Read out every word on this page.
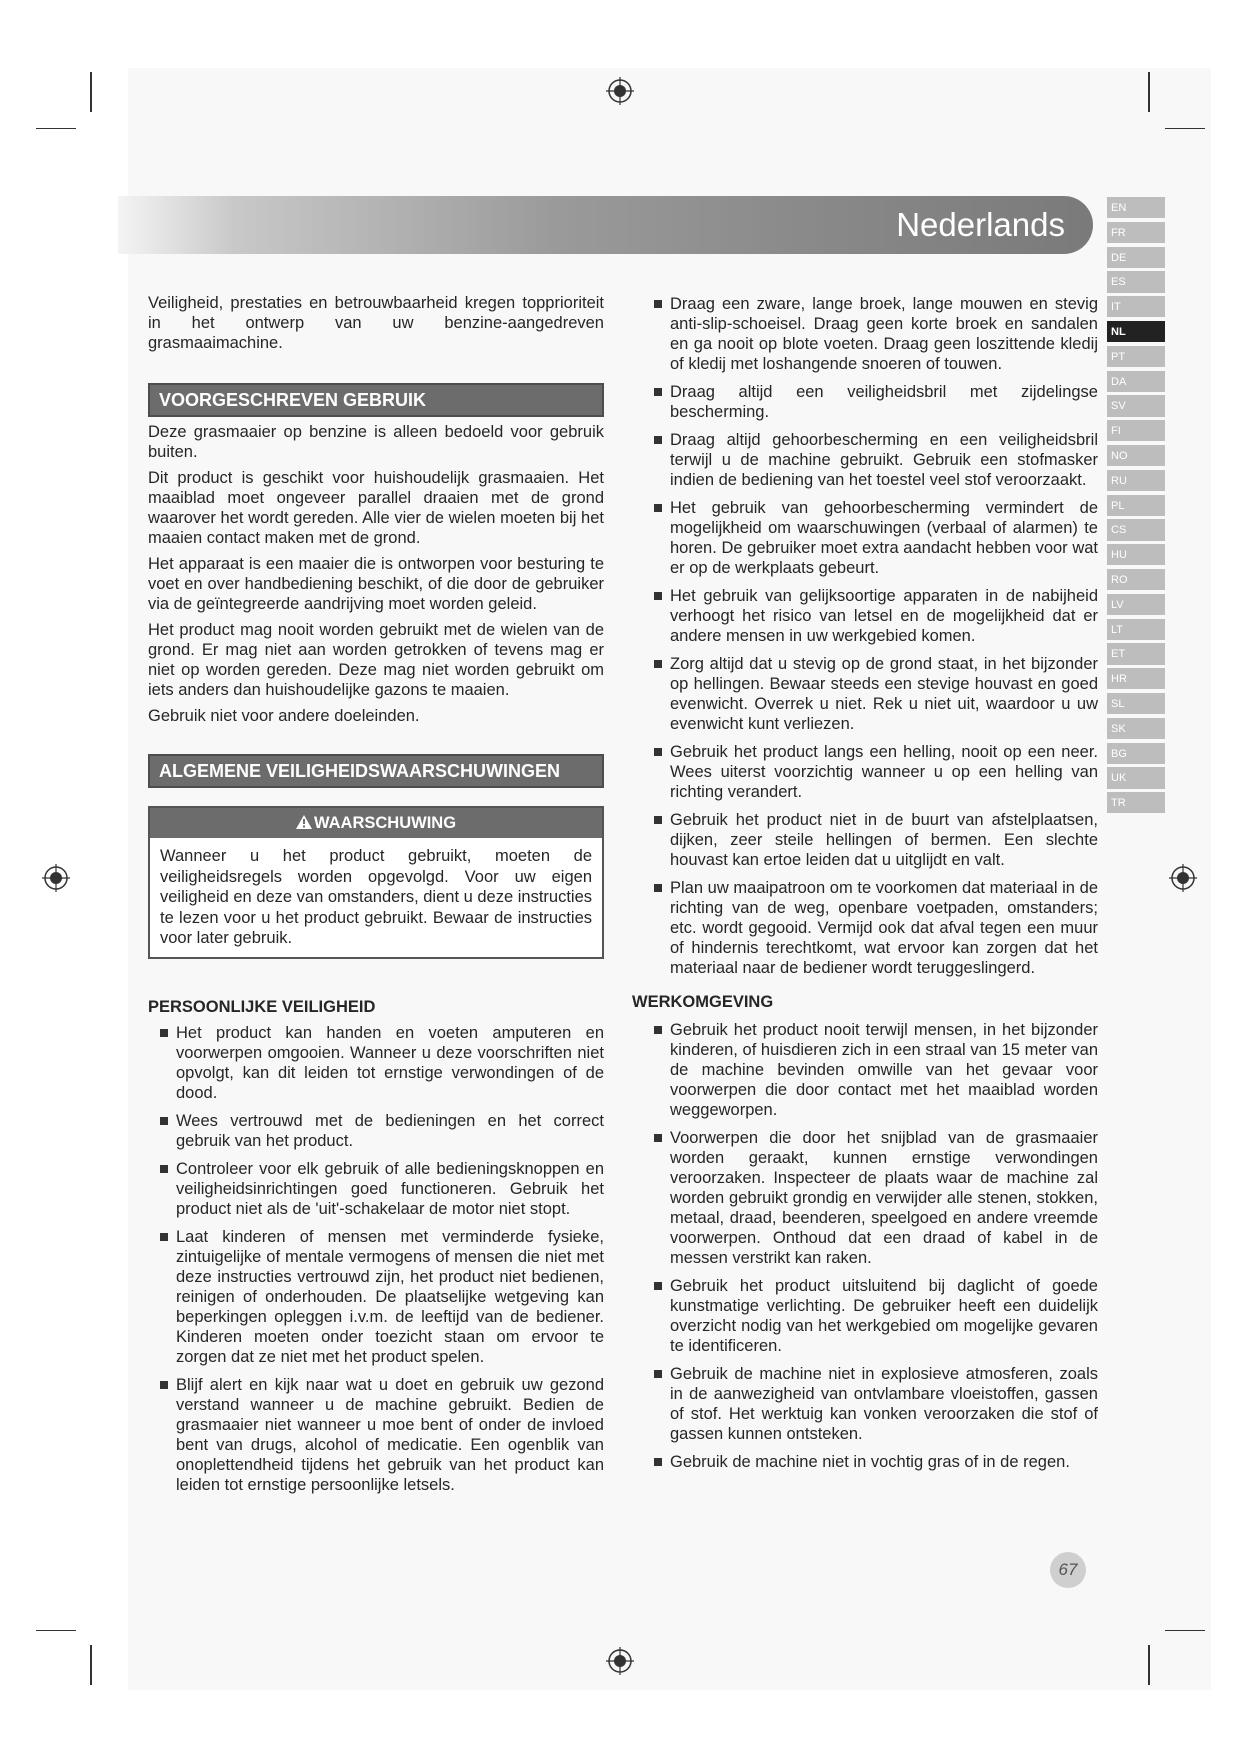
Nederlands	EN
FR
DE
ES
IT
NL
PT
DA
SV
FI
NO
RU
PL
CS
HU
RO
LV
LT
ET
HR
SL
SK
BG
UK
TR

Veiligheid, prestaties en betrouwbaarheid kregen topprioriteit in het ontwerp van uw benzine-aangedreven grasmaaimachine.

VOORGESCHREVEN GEBRUIK

Deze grasmaaier op benzine is alleen bedoeld voor gebruik buiten.

Dit product is geschikt voor huishoudelijk grasmaaien. Het maaiblad moet ongeveer parallel draaien met de grond waarover het wordt gereden. Alle vier de wielen moeten bij het maaien contact maken met de grond.

Het apparaat is een maaier die is ontworpen voor besturing te voet en over handbediening beschikt, of die door de gebruiker via de geïntegreerde aandrijving moet worden geleid.

Het product mag nooit worden gebruikt met de wielen van de grond. Er mag niet aan worden getrokken of tevens mag er niet op worden gereden. Deze mag niet worden gebruikt om iets anders dan huishoudelijke gazons te maaien.

Gebruik niet voor andere doeleinden.

ALGEMENE VEILIGHEIDSWAARSCHUWINGEN
WAARSCHUWING
Wanneer u het product gebruikt, moeten de veiligheidsregels worden opgevolgd. Voor uw eigen veiligheid en deze van omstanders, dient u deze instructies te lezen voor u het product gebruikt. Bewaar de instructies voor later gebruik.
PERSOONLIJKE VEILIGHEID
Het product kan handen en voeten amputeren en voorwerpen omgooien. Wanneer u deze voorschriften niet opvolgt, kan dit leiden tot ernstige verwondingen of de dood.
Wees vertrouwd met de bedieningen en het correct gebruik van het product.
Controleer voor elk gebruik of alle bedieningsknoppen en veiligheidsinrichtingen goed functioneren. Gebruik het product niet als de 'uit'-schakelaar de motor niet stopt.
Laat kinderen of mensen met verminderde fysieke, zintuigelijke of mentale vermogens of mensen die niet met deze instructies vertrouwd zijn, het product niet bedienen, reinigen of onderhouden. De plaatselijke wetgeving kan beperkingen opleggen i.v.m. de leeftijd van de bediener. Kinderen moeten onder toezicht staan om ervoor te zorgen dat ze niet met het product spelen.
Blijf alert en kijk naar wat u doet en gebruik uw gezond verstand wanneer u de machine gebruikt. Bedien de grasmaaier niet wanneer u moe bent of onder de invloed bent van drugs, alcohol of medicatie. Een ogenblik van onoplettendheid tijdens het gebruik van het product kan leiden tot ernstige persoonlijke letsels.
Draag een zware, lange broek, lange mouwen en stevig anti-slip-schoeisel. Draag geen korte broek en sandalen en ga nooit op blote voeten. Draag geen loszittende kledij of kledij met loshangende snoeren of touwen.
Draag altijd een veiligheidsbril met zijdelingse bescherming.
Draag altijd gehoorbescherming en een veiligheidsbril terwijl u de machine gebruikt. Gebruik een stofmasker indien de bediening van het toestel veel stof veroorzaakt.
Het gebruik van gehoorbescherming vermindert de mogelijkheid om waarschuwingen (verbaal of alarmen) te horen. De gebruiker moet extra aandacht hebben voor wat er op de werkplaats gebeurt.
Het gebruik van gelijksoortige apparaten in de nabijheid verhoogt het risico van letsel en de mogelijkheid dat er andere mensen in uw werkgebied komen.
Zorg altijd dat u stevig op de grond staat, in het bijzonder op hellingen. Bewaar steeds een stevige houvast en goed evenwicht. Overrek u niet. Rek u niet uit, waardoor u uw evenwicht kunt verliezen.
Gebruik het product langs een helling, nooit op een neer. Wees uiterst voorzichtig wanneer u op een helling van richting verandert.
Gebruik het product niet in de buurt van afstelplaatsen, dijken, zeer steile hellingen of bermen. Een slechte houvast kan ertoe leiden dat u uitglijdt en valt.
Plan uw maaipatroon om te voorkomen dat materiaal in de richting van de weg, openbare voetpaden, omstanders; etc. wordt gegooid. Vermijd ook dat afval tegen een muur of hindernis terechtkomt, wat ervoor kan zorgen dat het materiaal naar de bediener wordt teruggeslingerd.
WERKOMGEVING
Gebruik het product nooit terwijl mensen, in het bijzonder kinderen, of huisdieren zich in een straal van 15 meter van de machine bevinden omwille van het gevaar voor voorwerpen die door contact met het maaiblad worden weggeworpen.
Voorwerpen die door het snijblad van de grasmaaier worden geraakt, kunnen ernstige verwondingen veroorzaken. Inspecteer de plaats waar de machine zal worden gebruikt grondig en verwijder alle stenen, stokken, metaal, draad, beenderen, speelgoed en andere vreemde voorwerpen. Onthoud dat een draad of kabel in de messen verstrikt kan raken.
Gebruik het product uitsluitend bij daglicht of goede kunstmatige verlichting. De gebruiker heeft een duidelijk overzicht nodig van het werkgebied om mogelijke gevaren te identificeren.
Gebruik de machine niet in explosieve atmosferen, zoals in de aanwezigheid van ontvlambare vloeistoffen, gassen of stof. Het werktuig kan vonken veroorzaken die stof of gassen kunnen ontsteken.
Gebruik de machine niet in vochtig gras of in de regen.
67
